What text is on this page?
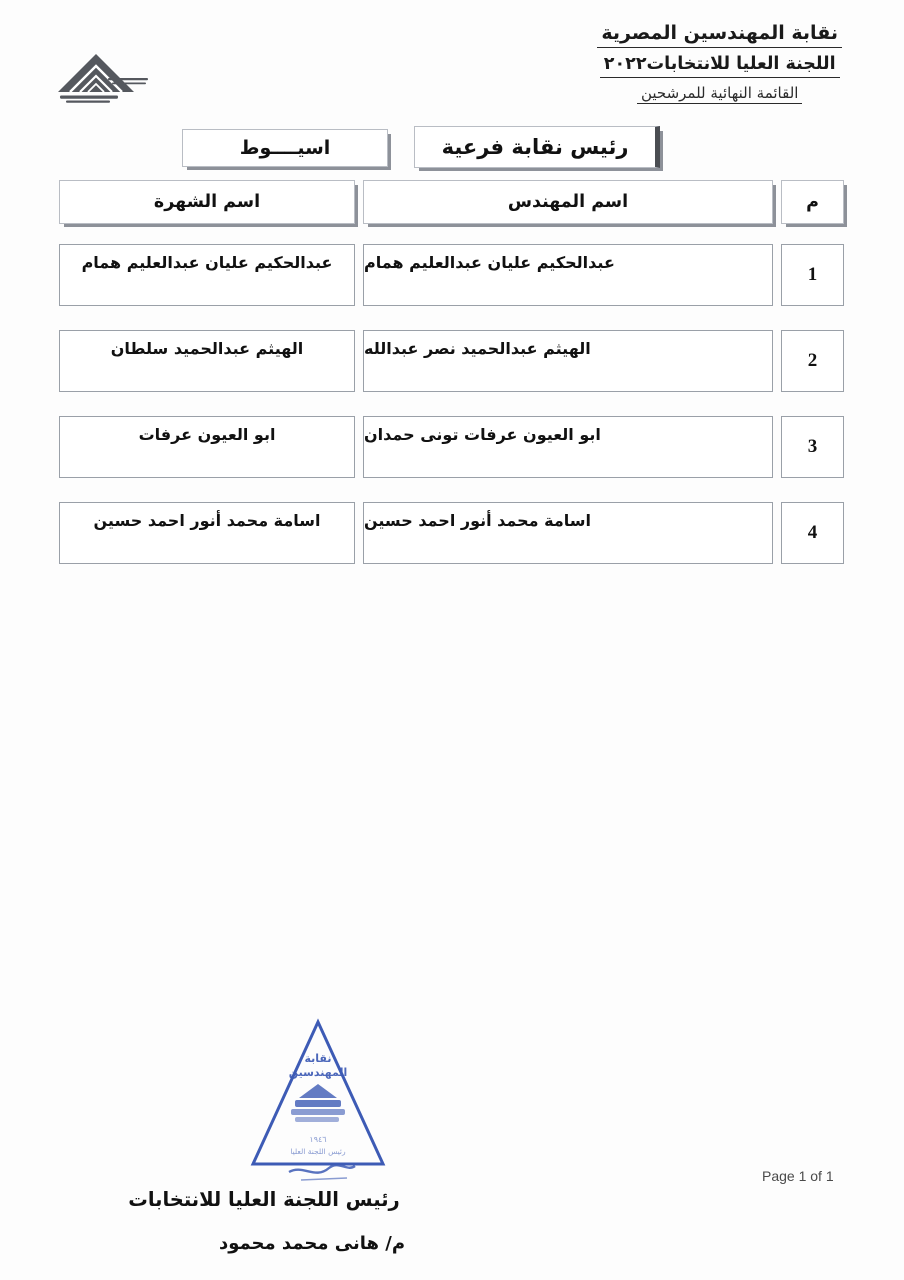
نقابة المهندسين المصرية
اللجنة العليا للانتخابات٢٠٢٢
القائمة النهائية للمرشحين
رئيس نقابة فرعية
اسيــــوط
م
اسم المهندس
اسم الشهرة
1
عبدالحكيم عليان عبدالعليم همام
عبدالحكيم عليان عبدالعليم همام
2
الهيثم عبدالحميد نصر عبدالله
الهيثم عبدالحميد سلطان
3
ابو العيون عرفات تونى حمدان
ابو العيون عرفات
4
اسامة محمد أنور احمد حسين
اسامة محمد أنور احمد حسين
نقابة
المهندسين
١٩٤٦
رئيس اللجنة العليا
رئيس اللجنة العليا للانتخابات
م/ هانى محمد محمود
Page 1 of 1
